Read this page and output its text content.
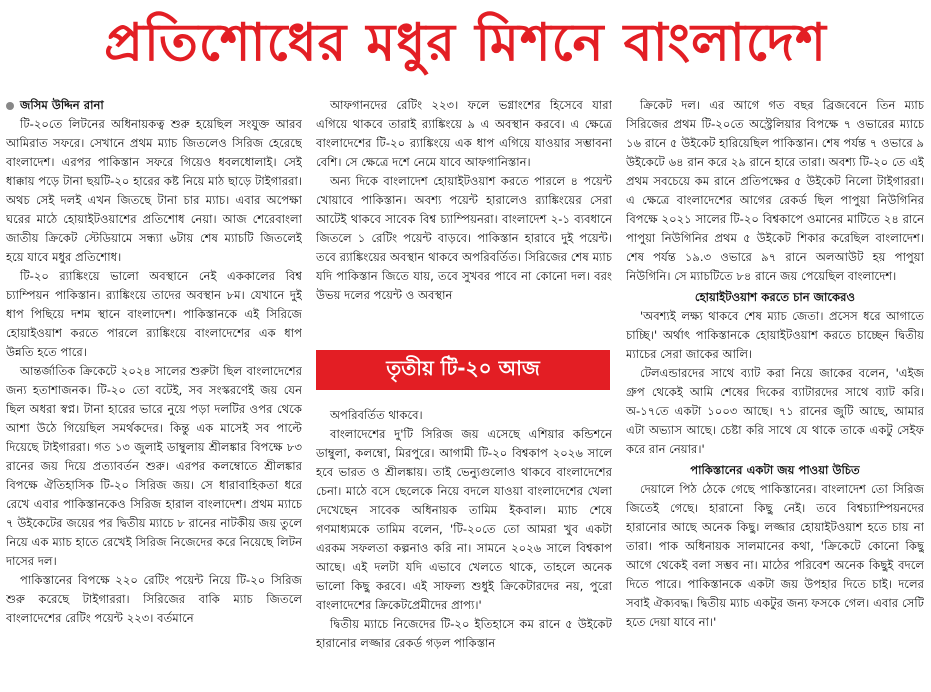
প্রতিশোধের মধুর মিশনে বাংলাদেশ
জসিম উদ্দিন রানা

টি-২০তে লিটনের অধিনায়কত্ব শুরু হয়েছিল সংযুক্ত আরব আমিরাত সফরে। সেখানে প্রথম ম্যাচ জিতলেও সিরিজ হেরেছে বাংলাদেশ। এরপর পাকিস্তান সফরে গিয়েও ধবলধোলাই। সেই ধাক্কায় পড়ে টানা ছয়টি-২০ হারের কষ্ট নিয়ে মাঠ ছাড়ে টাইগাররা। অথচ সেই দলই এখন জিতছে টানা চার ম্যাচ। এবার অপেক্ষা ঘরের মাঠে হোয়াইটওয়াশের প্রতিশোধ নেয়া। আজ শেরেবাংলা জাতীয় ক্রিকেট স্টেডিয়ামে সন্ধ্যা ৬টায় শেষ ম্যাচটি জিতলেই হয়ে যাবে মধুর প্রতিশোধ।

টি-২০ র‍্যাঙ্কিংয়ে ভালো অবস্থানে নেই এককালের বিশ্ব চ্যাম্পিয়ন পাকিস্তান। র‍্যাঙ্কিংয়ে তাদের অবস্থান ৮ম। যেখানে দুই ধাপ পিছিয়ে দশম স্থানে বাংলাদেশ। পাকিস্তানকে এই সিরিজে হোয়াইওয়াশ করতে পারলে র‍্যাঙ্কিংয়ে বাংলাদেশের এক ধাপ উন্নতি হতে পারে।

আন্তর্জাতিক ক্রিকেটে ২০২৪ সালের শুরুটা ছিল বাংলাদেশের জন্য হতাশাজনক। টি-২০ তো বটেই, সব সংস্করণেই জয় যেন ছিল অধরা স্বপ্ন। টানা হারের ভারে নুয়ে পড়া দলটির ওপর থেকে আশা উঠে গিয়েছিল সমর্থকদের। কিন্তু এক মাসেই সব পাল্টে দিয়েছে টাইগাররা। গত ১৩ জুলাই ডাম্বুলায় শ্রীলঙ্কার বিপক্ষে ৮৩ রানের জয় দিয়ে প্রত্যাবর্তন শুরু। এরপর কলম্বোতে শ্রীলঙ্কার বিপক্ষে ঐতিহাসিক টি-২০ সিরিজ জয়। সে ধারাবাহিকতা ধরে রেখে এবার পাকিস্তানকেও সিরিজ হারাল বাংলাদেশ। প্রথম ম্যাচে ৭ উইকেটের জয়ের পর দ্বিতীয় ম্যাচে ৮ রানের নাটকীয় জয় তুলে নিয়ে এক ম্যাচ হাতে রেখেই সিরিজ নিজেদের করে নিয়েছে লিটন দাসের দল।

পাকিস্তানের বিপক্ষে ২২০ রেটিং পয়েন্ট নিয়ে টি-২০ সিরিজ শুরু করেছে টাইগাররা। সিরিজের বাকি ম্যাচ জিতলে বাংলাদেশের রেটিং পয়েন্ট ২২৩। বর্তমানে

আফগানদের রেটিং ২২৩। ফলে ভগ্নাংশের হিসেবে যারা এগিয়ে থাকবে তারাই র‍্যাঙ্কিংয়ে ৯ এ অবস্থান করবে। এ ক্ষেত্রে বাংলাদেশের টি-২০ র‍্যাঙ্কিংয়ে এক ধাপ এগিয়ে যাওয়ার সম্ভাবনা বেশি। সে ক্ষেত্রে দশে নেমে যাবে আফগানিস্তান।

অন্য দিকে বাংলাদেশ হোয়াইটওয়াশ করতে পারলে ৪ পয়েন্ট খোয়াবে পাকিস্তান। অবশ্য পয়েন্ট হারালেও র‍্যাঙ্কিংয়ের সেরা আটেই থাকবে সাবেক বিশ্ব চ্যাম্পিয়নরা। বাংলাদেশ ২-১ ব্যবধানে জিতলে ১ রেটিং পয়েন্ট বাড়বে। পাকিস্তান হারাবে দুই পয়েন্ট। তবে র‍্যাঙ্কিংয়ের অবস্থান থাকবে অপরিবর্তিত। সিরিজের শেষ ম্যাচ যদি পাকিস্তান জিতে যায়, তবে সুখবর পাবে না কোনো দল। বরং উভয় দলের পয়েন্ট ও অবস্থান

অপরিবর্তিত থাকবে।

বাংলাদেশের দু'টি সিরিজ জয় এসেছে এশিয়ার কন্ডিশনে ডাম্বুলা, কলম্বো, মিরপুরে। আগামী টি-২০ বিশ্বকাপ ২০২৬ সালে হবে ভারত ও শ্রীলঙ্কায়। তাই ভেন্যুগুলোও থাকবে বাংলাদেশের চেনা। মাঠে বসে ছেলেকে নিয়ে বদলে যাওয়া বাংলাদেশের খেলা দেখেছেন সাবেক অধিনায়ক তামিম ইকবাল। ম্যাচ শেষে গণমাধ্যমকে তামিম বলেন, 'টি-২০তে তো আমরা খুব একটা এরকম সফলতা কল্পনাও করি না। সামনে ২০২৬ সালে বিশ্বকাপ আছে। এই দলটা যদি এভাবে খেলতে থাকে, তাহলে অনেক ভালো কিছু করবে। এই সাফল্য শুধুই ক্রিকেটারদের নয়, পুরো বাংলাদেশের ক্রিকেটপ্রেমীদের প্রাপ্য।'

দ্বিতীয় ম্যাচে নিজেদের টি-২০ ইতিহাসে কম রানে ৫ উইকেট হারানোর লজ্জার রেকর্ড গড়ল পাকিস্তান

তৃতীয় টি-২০ আজ

ক্রিকেট দল। এর আগে গত বছর ব্রিজবেনে তিন ম্যাচ সিরিজের প্রথম টি-২০তে অস্ট্রেলিয়ার বিপক্ষে ৭ ওভারের ম্যাচে ১৬ রানে ৫ উইকেট হারিয়েছিল পাকিস্তান। শেষ পর্যন্ত ৭ ওভারে ৯ উইকেটে ৬৪ রান করে ২৯ রানে হারে তারা। অবশ্য টি-২০ তে এই প্রথম সবচেয়ে কম রানে প্রতিপক্ষের ৫ উইকেট নিলো টাইগাররা। এ ক্ষেত্রে বাংলাদেশের আগের রেকর্ড ছিল পাপুয়া নিউগিনির বিপক্ষে ২০২১ সালের টি-২০ বিশ্বকাপে ওমানের মাটিতে ২৪ রানে পাপুয়া নিউগিনির প্রথম ৫ উইকেট শিকার করেছিল বাংলাদেশ। শেষ পর্যন্ত ১৯.৩ ওভারে ৯৭ রানে অলআউট হয় পাপুয়া নিউগিনি। সে ম্যাচটিতে ৮৪ রানে জয় পেয়েছিল বাংলাদেশ।

হোয়াইটওয়াশ করতে চান জাকেরও

'অবশ্যই লক্ষ্য থাকবে শেষ ম্যাচ জেতা। প্রসেস ধরে আগাতে চাচ্ছি।' অর্থাৎ পাকিস্তানকে হোয়াইটওয়াশ করতে চাচ্ছেন দ্বিতীয় ম্যাচের সেরা জাকের আলি।

টেলএন্ডারদের সাথে ব্যাট করা নিয়ে জাকের বলেন, 'এইজ গ্রুপ থেকেই আমি শেষের দিকের ব্যাটারদের সাথে ব্যাট করি। অ-১৭তে একটা ১০০৩ আছে। ৭১ রানের জুটি আছে, আমার এটা অভ্যাস আছে। চেষ্টা করি সাথে যে থাকে তাকে একটু সেইফ করে রান নেয়ার।'

পাকিস্তানের একটা জয় পাওয়া উচিত

দেয়ালে পিঠ ঠেকে গেছে পাকিস্তানের। বাংলাদেশ তো সিরিজ জিতেই গেছে। হারানো কিছু নেই। তবে বিশ্বচ্যাম্পিয়নদের হারানোর আছে অনেক কিছু। লজ্জার হোয়াইটওয়াশ হতে চায় না তারা। পাক অধিনায়ক সালমানের কথা, 'ক্রিকেটে কোনো কিছু আগে থেকেই বলা সম্ভব না। মাঠের পরিবেশ অনেক কিছুই বদলে দিতে পারে। পাকিস্তানকে একটা জয় উপহার দিতে চাই। দলের সবাই ঐক্যবদ্ধ। দ্বিতীয় ম্যাচ একটুর জন্য ফসকে গেল। এবার সেটি হতে দেয়া যাবে না।'
